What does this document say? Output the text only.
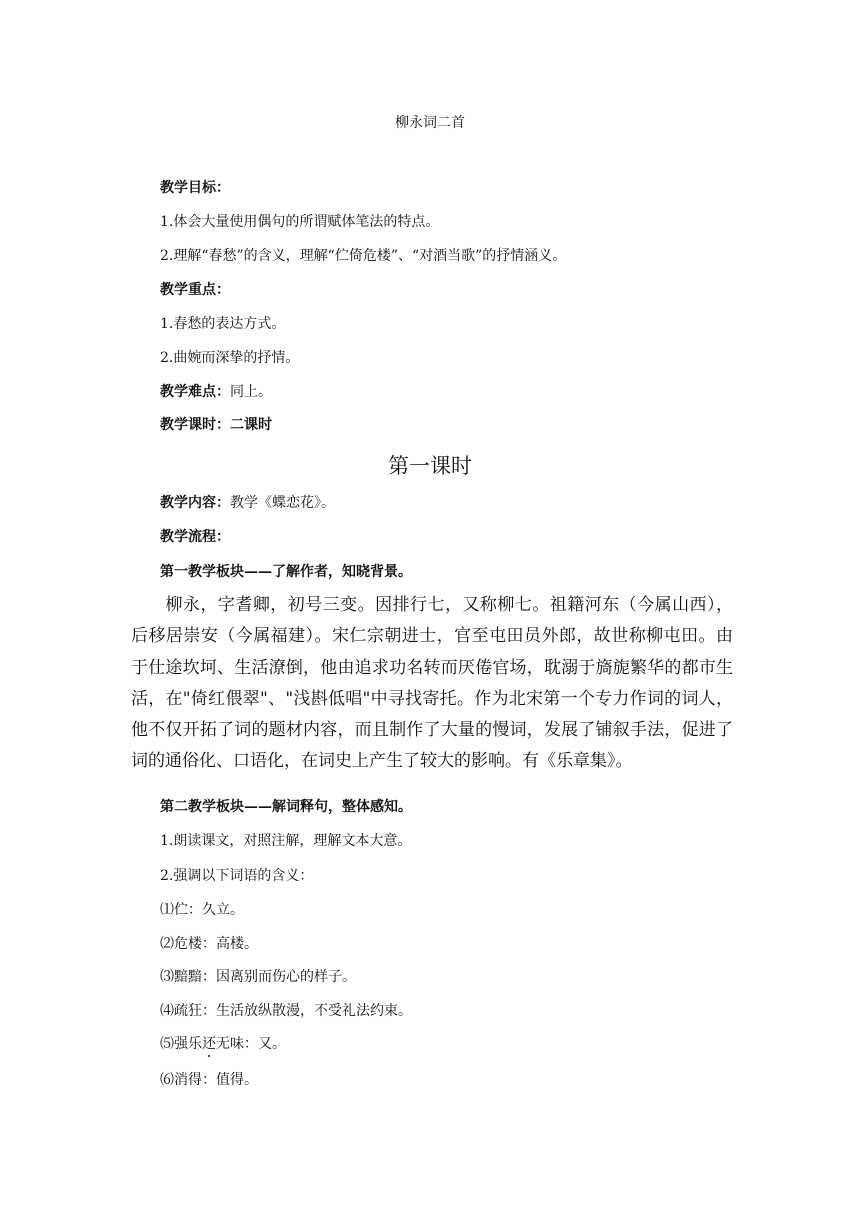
柳永词二首
教学目标：
1.体会大量使用偶句的所谓赋体笔法的特点。
2.理解“春愁”的含义，理解“伫倚危楼”、“对酒当歌”的抒情涵义。
教学重点：
1.春愁的表达方式。
2.曲婉而深挚的抒情。
教学难点：同上。
教学课时：二课时
第一课时
教学内容：教学《蝶恋花》。
教学流程：
第一教学板块——了解作者，知晓背景。
柳永，字耆卿，初号三变。因排行七，又称柳七。祖籍河东（今属山西），后移居崇安（今属福建）。宋仁宗朝进士，官至屯田员外郎，故世称柳屯田。由于仕途坎坷、生活潦倒，他由追求功名转而厌倦官场，耽溺于旖旎繁华的都市生活，在"倚红偎翠"、"浅斟低唱"中寻找寄托。作为北宋第一个专力作词的词人，他不仅开拓了词的题材内容，而且制作了大量的慢词，发展了铺叙手法，促进了词的通俗化、口语化，在词史上产生了较大的影响。有《乐章集》。
第二教学板块——解词释句，整体感知。
1.朗读课文，对照注解，理解文本大意。
2.强调以下词语的含义：
⑴伫：久立。
⑵危楼：高楼。
⑶黯黯：因离别而伤心的样子。
⑷疏狂：生活放纵散漫，不受礼法约束。
⑸强乐还无味：又。
⑹消得：值得。
